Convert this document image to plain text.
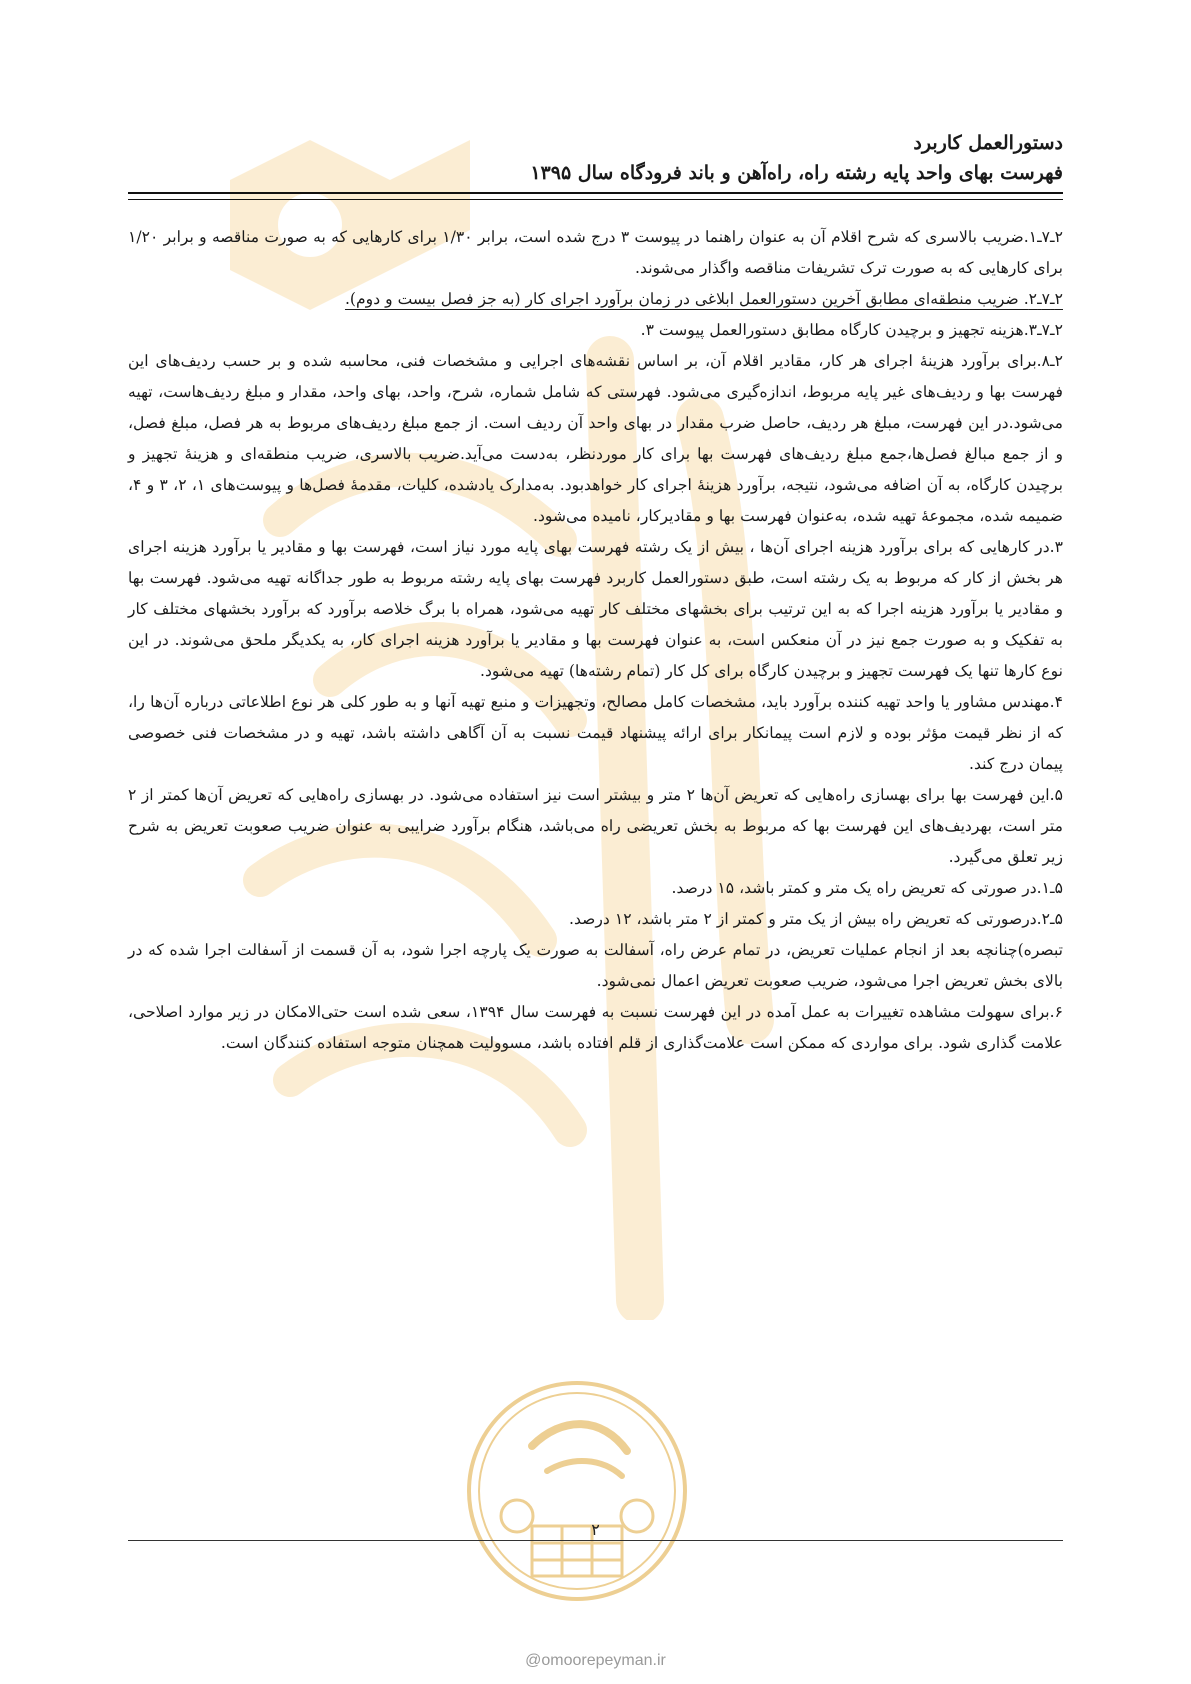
دستورالعمل کاربرد
فهرست بهای واحد پایه رشته راه، راه‌آهن و باند فرودگاه سال ۱۳۹۵

۲ـ۷ـ۱.ضریب بالاسری که شرح اقلام آن به عنوان راهنما در پیوست ۳ درج شده است، برابر ۱/۳۰ برای کارهایی که به صورت مناقصه و برابر ۱/۲۰ برای کارهایی که به صورت ترک تشریفات مناقصه واگذار می‌شوند.

۲ـ۷ـ۲. ضریب منطقه‌ای مطابق آخرین دستورالعمل ابلاغی در زمان برآورد اجرای کار (به جز فصل بیست و دوم).

۲ـ۷ـ۳.هزینه تجهیز و برچیدن کارگاه مطابق دستورالعمل پیوست ۳.

۲ـ۸.برای برآورد هزینهٔ اجرای هر کار، مقادیر اقلام آن، بر اساس نقشه‌های اجرایی و مشخصات فنی، محاسبه شده و بر حسب ردیف‌های این فهرست بها و ردیف‌های غیر پایه مربوط، اندازه‌گیری می‌شود. فهرستی که شامل شماره، شرح، واحد، بهای واحد، مقدار و مبلغ ردیف‌هاست، تهیه می‌شود.در این فهرست، مبلغ هر ردیف، حاصل ضرب مقدار در بهای واحد آن ردیف است. از جمع مبلغ ردیف‌های مربوط به هر فصل، مبلغ فصل، و از جمع مبالغ فصل‌ها،جمع مبلغ ردیف‌های فهرست بها برای کار موردنظر، به‌دست می‌آید.ضریب بالاسری، ضریب منطقه‌ای و هزینهٔ تجهیز و برچیدن کارگاه، به آن اضافه می‌شود، نتیجه، برآورد هزینهٔ اجرای کار خواهدبود. به‌مدارک یادشده، کلیات، مقدمهٔ فصل‌ها و پیوست‌های ۱، ۲، ۳ و ۴، ضمیمه شده، مجموعهٔ تهیه شده، به‌عنوان فهرست بها و مقادیرکار، نامیده می‌شود.

۳.در کارهایی که برای برآورد هزینه اجرای آن‌ها ، بیش از یک رشته فهرست بهای پایه مورد نیاز است، فهرست بها و مقادیر یا برآورد هزینه اجرای هر بخش از کار که مربوط به یک رشته است، طبق دستورالعمل کاربرد فهرست بهای پایه رشته مربوط به طور جداگانه تهیه می‌شود. فهرست بها و مقادیر یا برآورد هزینه اجرا که به این ترتیب برای بخشهای مختلف کار تهیه می‌شود، همراه با برگ خلاصه برآورد که برآورد بخشهای مختلف کار به تفکیک و به صورت جمع نیز در آن منعکس است، به عنوان فهرست بها و مقادیر یا برآورد هزینه اجرای کار، به یکدیگر ملحق می‌شوند. در این نوع کارها تنها یک فهرست تجهیز و برچیدن کارگاه برای کل کار (تمام رشته‌ها) تهیه می‌شود.

۴.مهندس مشاور یا واحد تهیه کننده برآورد باید، مشخصات کامل مصالح، وتجهیزات و منبع تهیه آنها و به طور کلی هر نوع اطلاعاتی درباره آن‌ها را، که از نظر قیمت مؤثر بوده و لازم است پیمانکار برای ارائه پیشنهاد قیمت نسبت به آن آگاهی داشته باشد، تهیه و در مشخصات فنی خصوصی پیمان درج کند.

۵.این فهرست بها برای بهسازی راه‌هایی که تعریض آن‌ها ۲ متر و بیشتر است نیز استفاده می‌شود. در بهسازی راه‌هایی که تعریض آن‌ها کمتر از ۲ متر است، بهردیف‌های این فهرست بها که مربوط به بخش تعریضی راه می‌باشد، هنگام برآورد ضرایبی به عنوان ضریب صعوبت تعریض به شرح زیر تعلق می‌گیرد.

۵ـ۱.در صورتی که تعریض راه یک متر و کمتر باشد، ۱۵ درصد.

۵ـ۲.درصورتی که تعریض راه بیش از یک متر و کمتر از ۲ متر باشد، ۱۲ درصد.

تبصره)چنانچه بعد از انجام عملیات تعریض، در تمام عرض راه، آسفالت به صورت یک پارچه اجرا شود، به آن قسمت از آسفالت اجرا شده که در بالای بخش تعریض اجرا می‌شود، ضریب صعوبت تعریض اعمال نمی‌شود.

۶.برای سهولت مشاهده تغییرات به عمل آمده در این فهرست نسبت به فهرست سال ۱۳۹۴، سعی شده است حتی‌الامکان در زیر موارد اصلاحی، علامت گذاری شود. برای مواردی که ممکن است علامت‌گذاری از قلم افتاده باشد، مسوولیت همچنان متوجه استفاده کنندگان است.

۲
@omoorepeyman.ir
